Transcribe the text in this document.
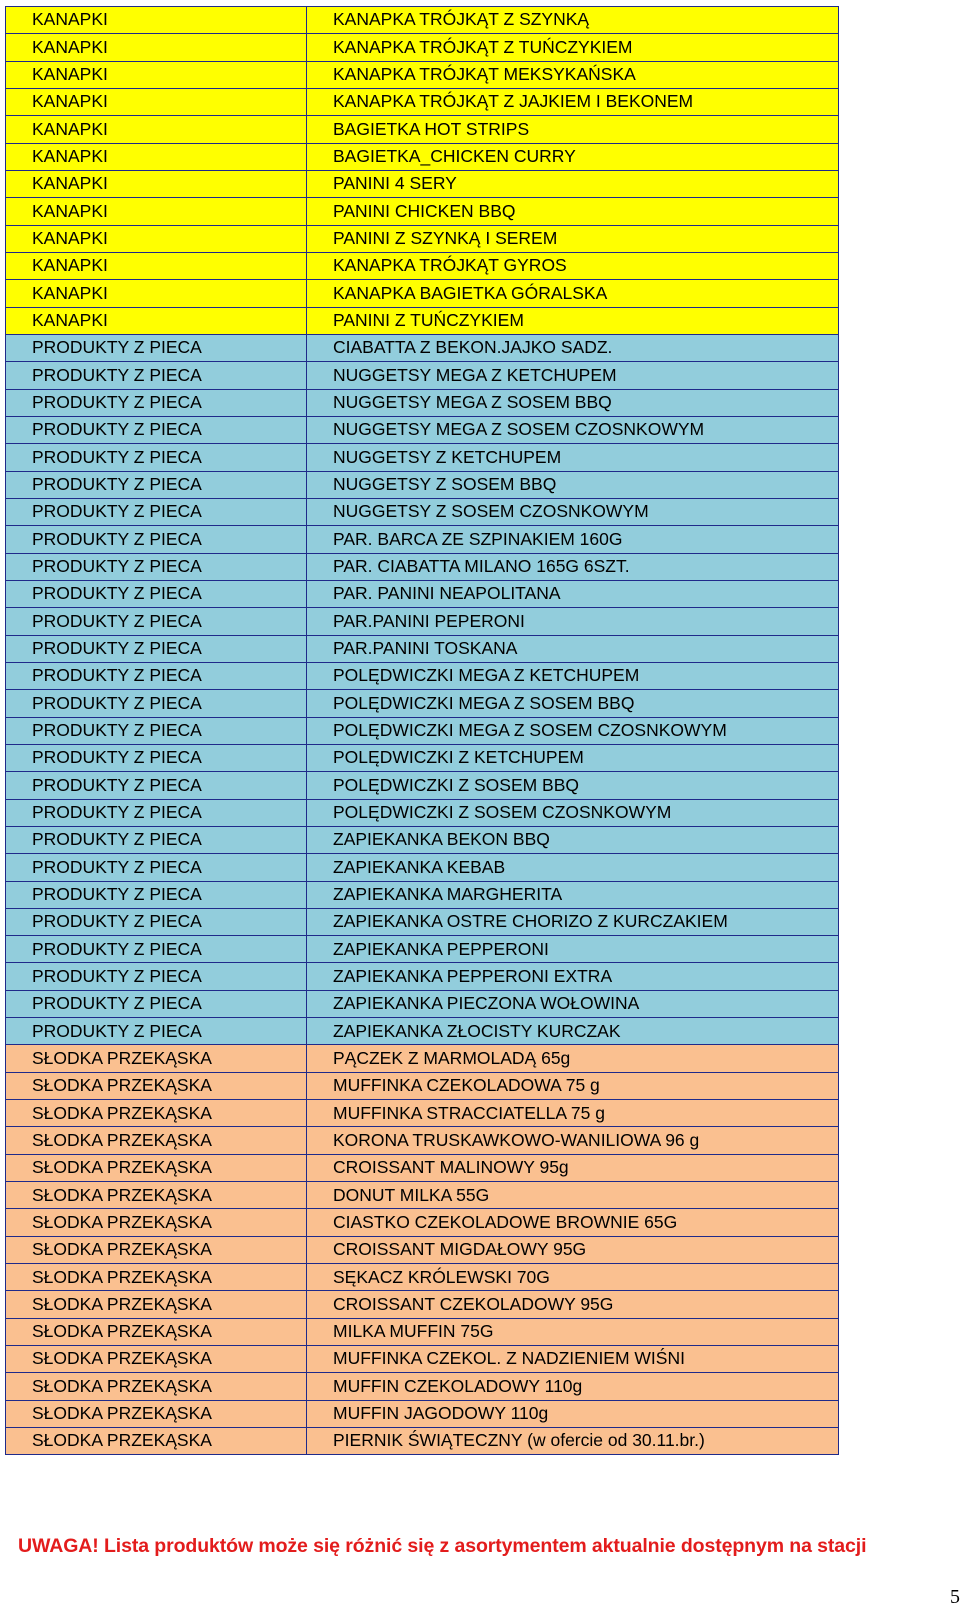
KANAPKI	KANAPKA TRÓJKĄT Z SZYNKĄ
KANAPKI	KANAPKA TRÓJKĄT Z TUŃCZYKIEM
KANAPKI	KANAPKA TRÓJKĄT MEKSYKAŃSKA
KANAPKI	KANAPKA TRÓJKĄT Z JAJKIEM I BEKONEM
KANAPKI	BAGIETKA HOT STRIPS
KANAPKI	BAGIETKA_CHICKEN CURRY
KANAPKI	PANINI 4 SERY
KANAPKI	PANINI CHICKEN BBQ
KANAPKI	PANINI Z SZYNKĄ I SEREM
KANAPKI	KANAPKA TRÓJKĄT GYROS
KANAPKI	KANAPKA BAGIETKA GÓRALSKA
KANAPKI	PANINI Z TUŃCZYKIEM
PRODUKTY Z PIECA	CIABATTA Z BEKON.JAJKO SADZ.
PRODUKTY Z PIECA	NUGGETSY MEGA Z KETCHUPEM
PRODUKTY Z PIECA	NUGGETSY MEGA Z SOSEM BBQ
PRODUKTY Z PIECA	NUGGETSY MEGA Z SOSEM CZOSNKOWYM
PRODUKTY Z PIECA	NUGGETSY Z KETCHUPEM
PRODUKTY Z PIECA	NUGGETSY Z SOSEM BBQ
PRODUKTY Z PIECA	NUGGETSY Z SOSEM CZOSNKOWYM
PRODUKTY Z PIECA	PAR. BARCA ZE SZPINAKIEM 160G
PRODUKTY Z PIECA	PAR. CIABATTA MILANO 165G 6SZT.
PRODUKTY Z PIECA	PAR. PANINI NEAPOLITANA
PRODUKTY Z PIECA	PAR.PANINI PEPERONI
PRODUKTY Z PIECA	PAR.PANINI TOSKANA
PRODUKTY Z PIECA	POLĘDWICZKI MEGA Z KETCHUPEM
PRODUKTY Z PIECA	POLĘDWICZKI MEGA Z SOSEM BBQ
PRODUKTY Z PIECA	POLĘDWICZKI MEGA Z SOSEM CZOSNKOWYM
PRODUKTY Z PIECA	POLĘDWICZKI Z KETCHUPEM
PRODUKTY Z PIECA	POLĘDWICZKI Z SOSEM BBQ
PRODUKTY Z PIECA	POLĘDWICZKI Z SOSEM CZOSNKOWYM
PRODUKTY Z PIECA	ZAPIEKANKA BEKON BBQ
PRODUKTY Z PIECA	ZAPIEKANKA KEBAB
PRODUKTY Z PIECA	ZAPIEKANKA MARGHERITA
PRODUKTY Z PIECA	ZAPIEKANKA OSTRE CHORIZO Z KURCZAKIEM
PRODUKTY Z PIECA	ZAPIEKANKA PEPPERONI
PRODUKTY Z PIECA	ZAPIEKANKA PEPPERONI EXTRA
PRODUKTY Z PIECA	ZAPIEKANKA PIECZONA WOŁOWINA
PRODUKTY Z PIECA	ZAPIEKANKA ZŁOCISTY KURCZAK
SŁODKA PRZEKĄSKA	PĄCZEK Z MARMOLADĄ 65g
SŁODKA PRZEKĄSKA	MUFFINKA CZEKOLADOWA 75 g
SŁODKA PRZEKĄSKA	MUFFINKA STRACCIATELLA 75 g
SŁODKA PRZEKĄSKA	KORONA TRUSKAWKOWO-WANILIOWA 96 g
SŁODKA PRZEKĄSKA	CROISSANT MALINOWY 95g
SŁODKA PRZEKĄSKA	DONUT MILKA 55G
SŁODKA PRZEKĄSKA	CIASTKO CZEKOLADOWE BROWNIE 65G
SŁODKA PRZEKĄSKA	CROISSANT MIGDAŁOWY 95G
SŁODKA PRZEKĄSKA	SĘKACZ KRÓLEWSKI 70G
SŁODKA PRZEKĄSKA	CROISSANT CZEKOLADOWY 95G
SŁODKA PRZEKĄSKA	MILKA MUFFIN 75G
SŁODKA PRZEKĄSKA	MUFFINKA CZEKOL. Z NADZIENIEM WIŚNI
SŁODKA PRZEKĄSKA	MUFFIN CZEKOLADOWY 110g
SŁODKA PRZEKĄSKA	MUFFIN JAGODOWY 110g
SŁODKA PRZEKĄSKA	PIERNIK ŚWIĄTECZNY (w ofercie od 30.11.br.)
UWAGA! Lista produktów może się różnić się z asortymentem aktualnie dostępnym na stacji
5
